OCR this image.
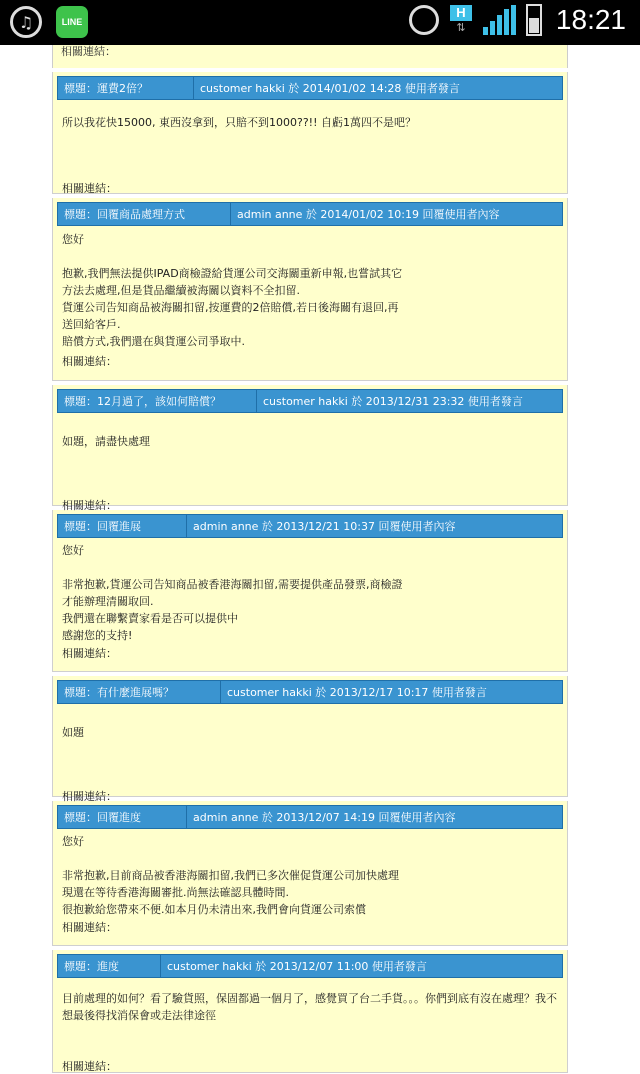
♫	LINE
H
⇅	18:21
相關連結：
標題：運費2倍？	customer hakki 於 2014/01/02 14:28 使用者發言
所以我花快15000, 東西沒拿到，只賠不到1000??!! 自虧1萬四不是吧？
相關連結：
標題：回覆商品處理方式	admin anne 於 2014/01/02 10:19 回覆使用者內容
您好

抱歉,我們無法提供IPAD商檢證給貨運公司交海關重新申報,也嘗試其它
方法去處理,但是貨品繼續被海關以資料不全扣留.
貨運公司告知商品被海關扣留,按運費的2倍賠償,若日後海關有退回,再
送回給客戶.
賠償方式,我們還在與貨運公司爭取中.
相關連結：
標題：12月過了，該如何賠償？	customer hakki 於 2013/12/31 23:32 使用者發言
如題，請盡快處理
相關連結：
標題：回覆進展	admin anne 於 2013/12/21 10:37 回覆使用者內容
您好

非常抱歉,貨運公司告知商品被香港海關扣留,需要提供產品發票,商檢證
才能辦理清關取回.
我們還在聯繫賣家看是否可以提供中
感謝您的支持!
相關連結：
標題：有什麼進展嗎？	customer hakki 於 2013/12/17 10:17 使用者發言
如題
相關連結：
標題：回覆進度	admin anne 於 2013/12/07 14:19 回覆使用者內容
您好

非常抱歉,目前商品被香港海關扣留,我們已多次催促貨運公司加快處理
現還在等待香港海關審批.尚無法確認具體時間.
很抱歉給您帶來不便.如本月仍未清出來,我們會向貨運公司索償
相關連結：
標題：進度	customer hakki 於 2013/12/07 11:00 使用者發言
目前處理的如何？看了驗貨照，保固都過一個月了，感覺買了台二手貨。。。你們到底有沒在處理？我不想最後得找消保會或走法律途徑
相關連結：
